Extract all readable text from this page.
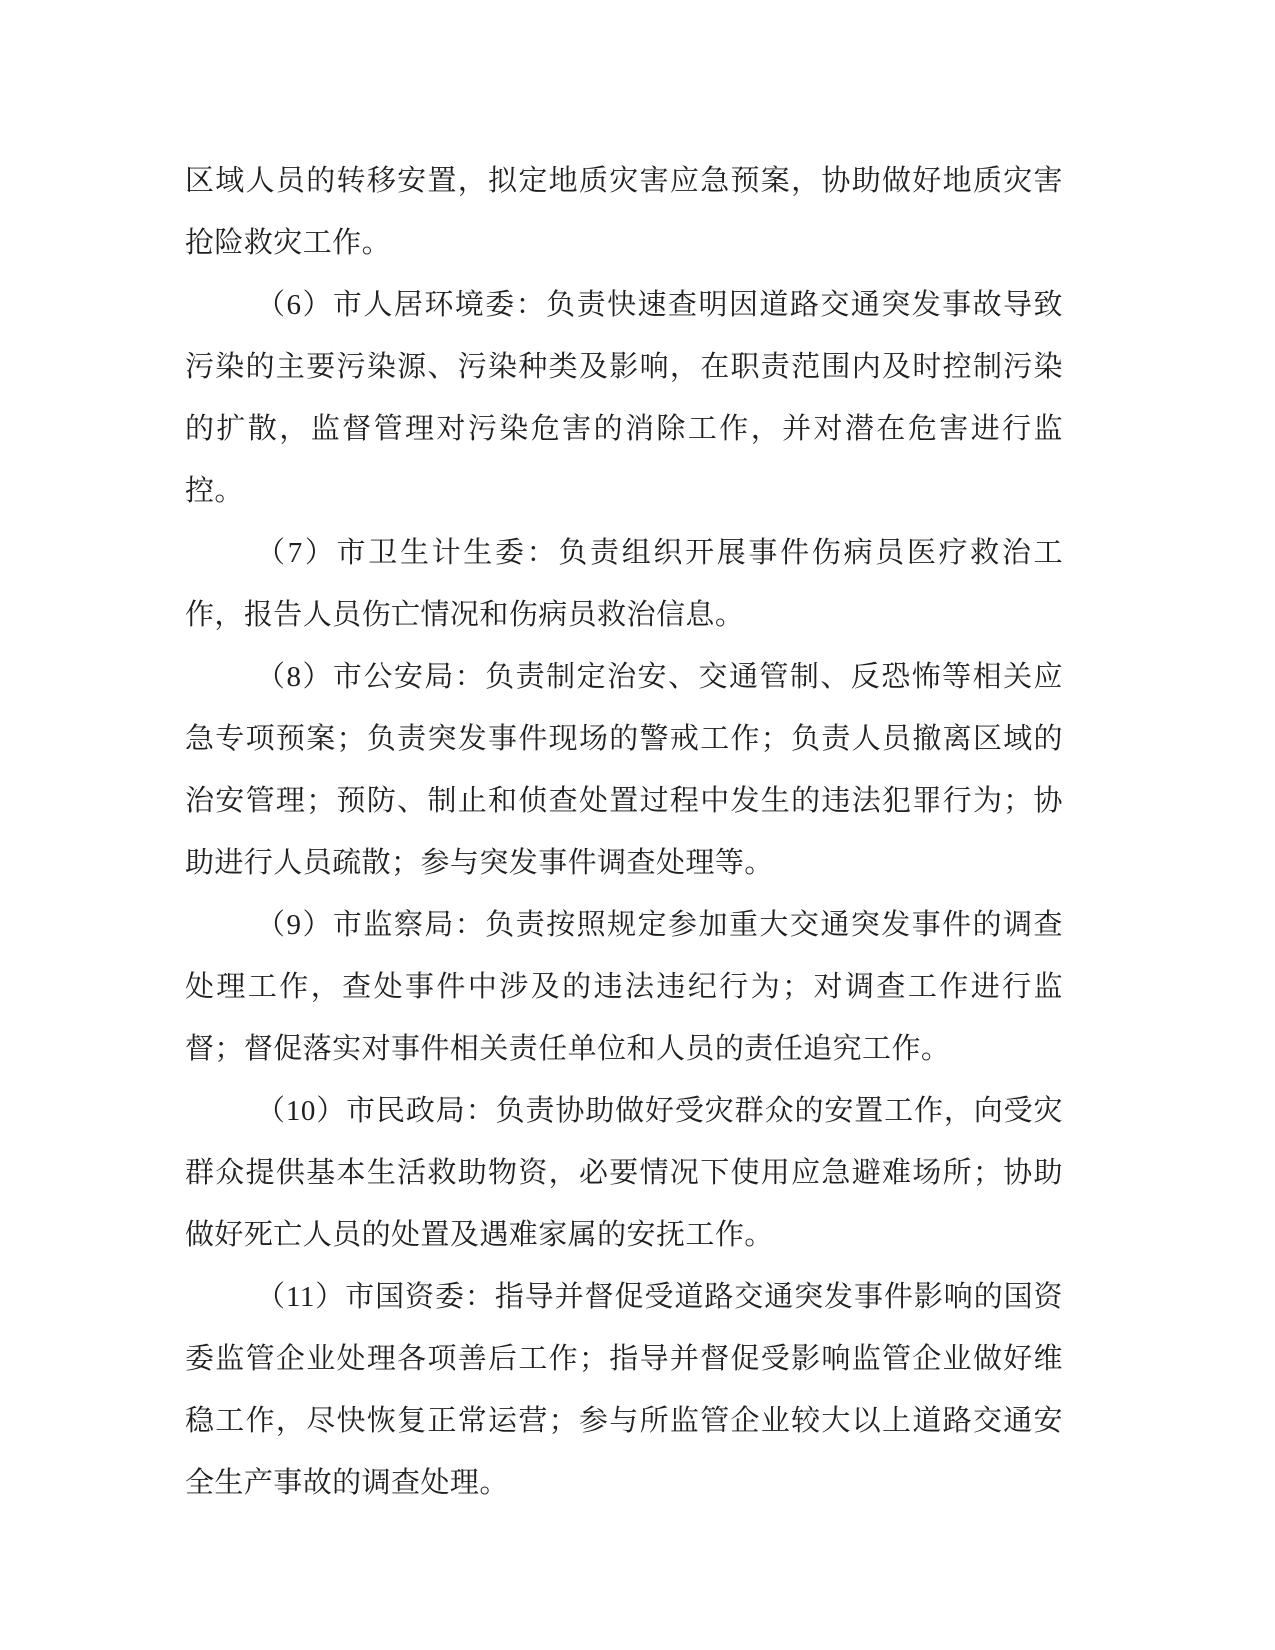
区域人员的转移安置，拟定地质灾害应急预案，协助做好地质灾害抢险救灾工作。

（6）市人居环境委：负责快速查明因道路交通突发事故导致污染的主要污染源、污染种类及影响，在职责范围内及时控制污染的扩散，监督管理对污染危害的消除工作，并对潜在危害进行监控。

（7）市卫生计生委：负责组织开展事件伤病员医疗救治工作，报告人员伤亡情况和伤病员救治信息。

（8）市公安局：负责制定治安、交通管制、反恐怖等相关应急专项预案；负责突发事件现场的警戒工作；负责人员撤离区域的治安管理；预防、制止和侦查处置过程中发生的违法犯罪行为；协助进行人员疏散；参与突发事件调查处理等。

（9）市监察局：负责按照规定参加重大交通突发事件的调查处理工作，查处事件中涉及的违法违纪行为；对调查工作进行监督；督促落实对事件相关责任单位和人员的责任追究工作。

（10）市民政局：负责协助做好受灾群众的安置工作，向受灾群众提供基本生活救助物资，必要情况下使用应急避难场所；协助做好死亡人员的处置及遇难家属的安抚工作。

（11）市国资委：指导并督促受道路交通突发事件影响的国资委监管企业处理各项善后工作；指导并督促受影响监管企业做好维稳工作，尽快恢复正常运营；参与所监管企业较大以上道路交通安全生产事故的调查处理。
